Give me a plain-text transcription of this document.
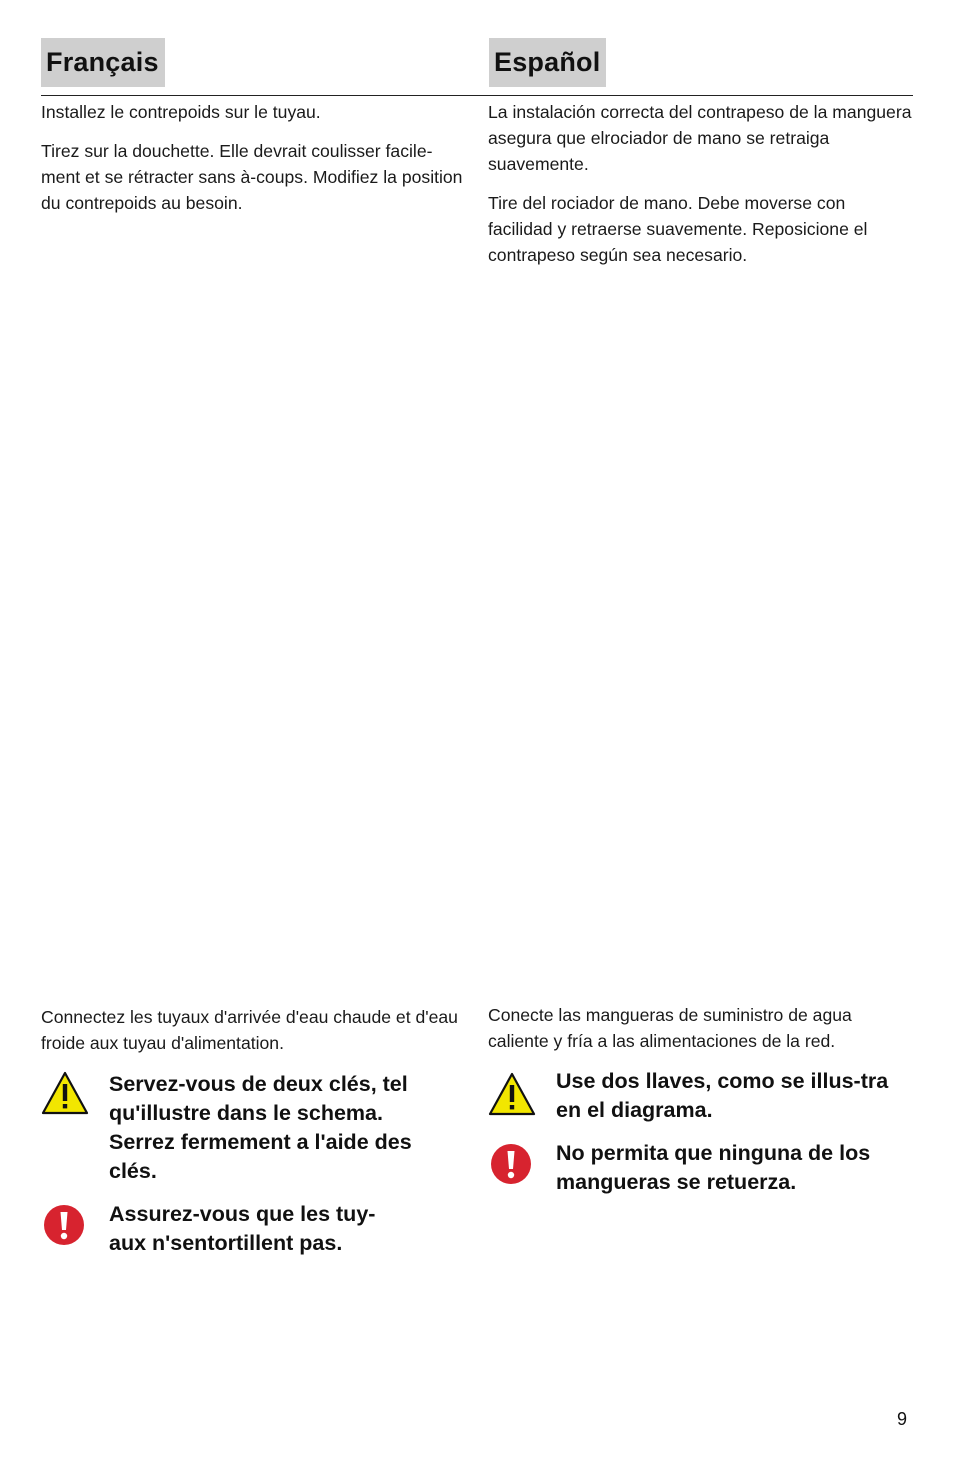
Français	Español

Installez le contrepoids sur le tuyau.

Tirez sur la douchette. Elle devrait coulisser facile-ment et se rétracter sans à-coups. Modifiez la position du contrepoids au besoin.

La instalación correcta del contrapeso de la manguera asegura que elrociador de mano se retraiga suavemente.

Tire del rociador de mano. Debe moverse con facilidad y retraerse suavemente. Reposicione el contrapeso según sea necesario.

Connectez les tuyaux d'arrivée d'eau chaude et d'eau froide aux tuyau d'alimentation.

Conecte las mangueras de suministro de agua caliente y fría a las alimentaciones de la red.

Servez-vous de deux clés, tel qu'illustre dans le schema. Serrez fermement a l'aide des clés.
Assurez-vous que les tuy-aux n'sentortillent pas.
Use dos llaves, como se illus-tra en el diagrama.
No permita que ninguna de los mangueras se retuerza.
9
